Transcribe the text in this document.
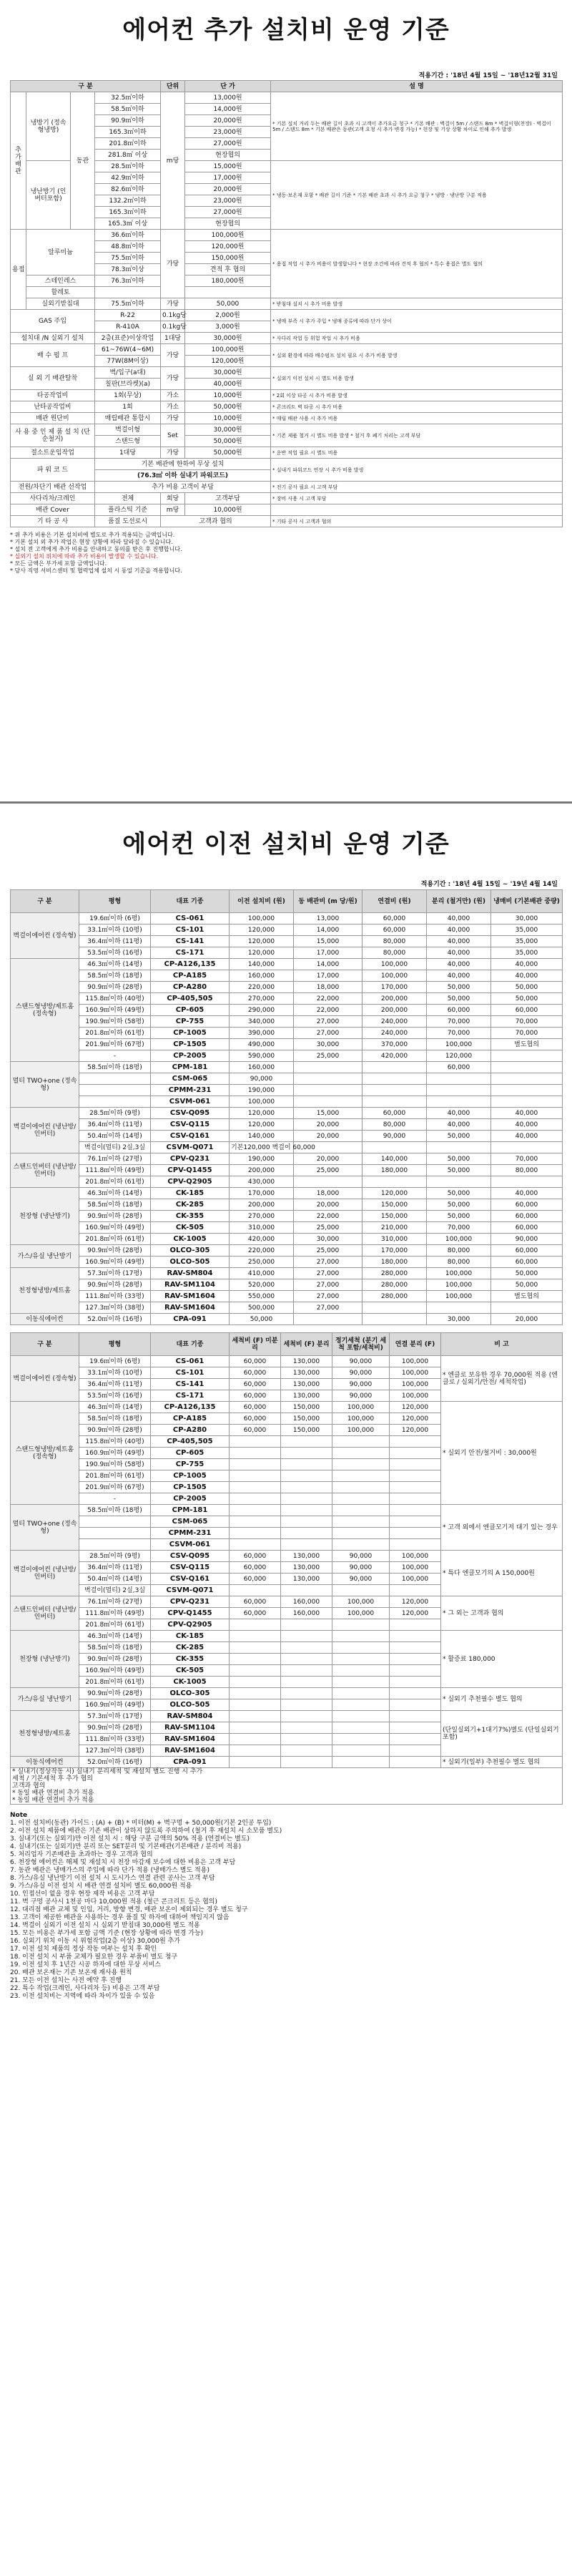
에어컨 추가 설치비 운영 기준
적용기간 : '18년 4월 15일 ~ '18년12월 31일
구 분				단위	단 가	설 명
추가배관	냉방기 (정속형냉방)	동관	32.5㎡이하	m당	13,000원	* 기본 설치 거리 두는 배관 길이 초과 시 고객이 추가요금 청구 * 기본 배관 : 벽걸이 5m / 스탠드 8m * 벽걸이형(천장) · 벽걸이 5m / 스탠드 8m * 기본 배관은 동관(고객 요청 시 추가 변경 가능) * 현장 및 기상 상황 차이로 인해 추가 발생
			58.5㎡이하		14,000원	
			90.9㎡이하		20,000원	
			165.3㎡이하		23,000원	
			201.8㎡이하		27,000원	
			281.8㎡ 이상		현장협의	
	냉난방기 (인버터포함)		28.5㎡이하		15,000원	* 냉동·보온재 포함 * 배관 길이 기준 * 기본 배관 초과 시 추가 요금 청구 * 냉방 · 냉난방 구분 적용
			42.9㎡이하		17,000원	
			82.6㎡이하		20,000원	
			132.2㎡이하		23,000원	
			165.3㎡이하		27,000원	
			165.3㎡ 이상		현장협의	
용접	알루미늄		36.6㎡이하	가당	100,000원	* 용접 작업 시 추가 비용이 발생합니다 * 현장 조건에 따라 견적 후 협의 * 특수 용접은 별도 협의
			48.8㎡이하		120,000원	
			75.5㎡이하		150,000원	
			78.3㎡이상		견적 후 협의	
	스테인레스		76.3㎡이하		180,000원	
	할레토					
	실외기받침대		75.5㎡이하	가당	50,000	* 받침대 설치 시 추가 비용 발생
GAS 주입			R-22	0.1kg당	2,000원	* 냉매 부족 시 추가 주입 * 냉매 종류에 따라 단가 상이
			R-410A	0.1kg당	3,000원	
설치대 /N 실외기 설치			2층(표준)이상작업	1대당	30,000원	* 사다리 작업 등 위험 작업 시 추가 비용
배 수 펌 프			61~76W(4~6M)	가당	100,000원	* 실외 환경에 따라 배수펌프 설치 필요 시 추가 비용 발생
			77W(8M이상)		120,000원	
실 외 기 배관탈착			벽/입구(a대)	가당	30,000원	* 실외기 이전 설치 시 별도 비용 발생
			칠판(브라켓)(a)		40,000원	
타공작업비			1회(무상)	가소	10,000원	* 2회 이상 타공 시 추가 비용 발생
난타공작업비			1회	가소	50,000원	* 콘크리트 벽 타공 시 추가 비용
배관 원단비			매립배관 통합시	가당	10,000원	* 매립 배관 사용 시 추가 비용
사 용 중 인 제 품 설 치 (단순철거)			벽걸이형	Set	30,000원	* 기존 제품 철거 시 별도 비용 발생 * 철거 후 폐기 처리는 고객 부담
			스탠드형		50,000원	
절소트운임작업			1대당	가당	50,000원	* 운반 작업 필요 시 별도 비용
파 워 코 드			기본 배관에 한하여 무상 설치			* 실내기 파워코드 연장 시 추가 비용 발생
			(76.3㎡ 이하 실내기 파워코드)			
전원/차단기 배관 선작업			추가 비용 고객이 부담			* 전기 공사 필요 시 고객 부담
사다리차/크레인			전체	회당	고객부담	* 장비 사용 시 고객 부담
배관 Cover			플라스틱 기준	m당	10,000원	
기 타 공 사			품질 도선로시	고객과 협의		* 기타 공사 시 고객과 협의
* 위 추가 비용은 기본 설치비에 별도로 추가 적용되는 금액입니다.
* 기본 설치 외 추가 작업은 현장 상황에 따라 달라질 수 있습니다.
* 설치 전 고객에게 추가 비용을 안내하고 동의를 받은 후 진행합니다.
* 실외기 설치 위치에 따라 추가 비용이 발생할 수 있습니다.
* 모든 금액은 부가세 포함 금액입니다.
* 당사 직영 서비스센터 및 협력업체 설치 시 동일 기준을 적용합니다.
에어컨 이전 설치비 운영 기준
적용기간 : '18년 4월 15일 ~ '19년 4월 14일
구 분	평형	대표 기종	이전 설치비 (원)	동 배관비 (m 당/원)	연결비 (원)	분리 (철거만) (원)	냉매비 (기본배관 중량)
벽걸이에어컨 (정속형)	19.6㎡이하 (6평)	CS-061	100,000	13,000	60,000	40,000	30,000
	33.1㎡이하 (10평)	CS-101	120,000	14,000	60,000	40,000	35,000
	36.4㎡이하 (11평)	CS-141	120,000	15,000	80,000	40,000	35,000
	53.5㎡이하 (16평)	CS-171	120,000	17,000	80,000	40,000	35,000
스탠드형냉방/제트홈 (정속형)	46.3㎡이하 (14평)	CP-A126,135	140,000	14,000	100,000	40,000	40,000
	58.5㎡이하 (18평)	CP-A185	160,000	17,000	100,000	40,000	40,000
	90.9㎡이하 (28평)	CP-A280	220,000	18,000	170,000	50,000	50,000
	115.8㎡이하 (40평)	CP-405,505	270,000	22,000	200,000	50,000	50,000
	160.9㎡이하 (49평)	CP-605	290,000	22,000	200,000	60,000	60,000
	190.9㎡이하 (58평)	CP-755	340,000	27,000	240,000	70,000	70,000
	201.8㎡이하 (61평)	CP-1005	390,000	27,000	240,000	70,000	70,000
	201.9㎡이하 (67평)	CP-1505	490,000	30,000	370,000	100,000	별도협의
	-	CP-2005	590,000	25,000	420,000	120,000	
멀티 TWO+one (정속형)	58.5㎡이하 (18평)	CPM-181	160,000			60,000	
		CSM-065	90,000				
		CPMM-231	190,000				
		CSVM-061	100,000				
벽걸이에어컨 (냉난방/인버터)	28.5㎡이하 (9평)	CSV-Q095	120,000	15,000	60,000	40,000	40,000
	36.4㎡이하 (11평)	CSV-Q115	120,000	20,000	80,000	40,000	40,000
	50.4㎡이하 (14평)	CSV-Q161	140,000	20,000	90,000	50,000	40,000
	벽걸이(멀티) 2실,3실	CSVM-Q071	기본120,000 벽걸이 60,000				
스탠드인버터 (냉난방/인버터)	76.1㎡이하 (27평)	CPV-Q231	190,000	20,000	140,000	50,000	70,000
	111.8㎡이하 (49평)	CPV-Q1455	200,000	25,000	180,000	50,000	80,000
	201.8㎡이하 (61평)	CPV-Q2905	430,000				
천장형 (냉난방기)	46.3㎡이하 (14평)	CK-185	170,000	18,000	120,000	50,000	40,000
	58.5㎡이하 (18평)	CK-285	200,000	20,000	150,000	50,000	60,000
	90.9㎡이하 (28평)	CK-355	270,000	22,000	150,000	50,000	60,000
	160.9㎡이하 (49평)	CK-505	310,000	25,000	210,000	70,000	60,000
	201.8㎡이하 (61평)	CK-1005	420,000	30,000	310,000	100,000	90,000
가스/유실 냉난방기	90.9㎡이하 (28평)	OLCO-305	220,000	25,000	170,000	80,000	60,000
	160.9㎡이하 (49평)	OLCO-505	250,000	27,000	180,000	80,000	60,000
천정형냉방/제트홈	57.3㎡이하 (17평)	RAV-SM804	410,000	27,000	280,000	100,000	50,000
	90.9㎡이하 (28평)	RAV-SM1104	520,000	27,000	280,000	100,000	50,000
	111.8㎡이하 (33평)	RAV-SM1604	550,000	27,000	280,000	100,000	별도협의
	127.3㎡이하 (38평)	RAV-SM1604	500,000	27,000			
이동식에어컨	52.0㎡이하 (16평)	CPA-091	50,000			30,000	20,000
구 분	평형	대표 기종	세척비 (F) 미분리	세척비 (F) 분리	정기세척 (분기 세척 포함/세척비)	연결 분리 (F)	비 고
벽걸이에어컨 (정속형)	19.6㎡이하 (6평)	CS-061	60,000	130,000	90,000	100,000	* 엔클로 보유한 경우 70,000원 적용 (엔클로 / 실외기/안전/ 세척작업)
	33.1㎡이하 (10평)	CS-101	60,000	130,000	90,000	100,000	
	36.4㎡이하 (11평)	CS-141	60,000	130,000	90,000	100,000	
	53.5㎡이하 (16평)	CS-171	60,000	130,000	90,000	100,000	
스탠드형냉방/제트홈 (정속형)	46.3㎡이하 (14평)	CP-A126,135	60,000	150,000	100,000	120,000	* 실외기 안전/철거비 : 30,000원
	58.5㎡이하 (18평)	CP-A185	60,000	150,000	100,000	120,000	
	90.9㎡이하 (28평)	CP-A280	60,000	150,000	100,000	120,000	
	115.8㎡이하 (40평)	CP-405,505					
	160.9㎡이하 (49평)	CP-605					
	190.9㎡이하 (58평)	CP-755					
	201.8㎡이하 (61평)	CP-1005					
	201.9㎡이하 (67평)	CP-1505					
	-	CP-2005					
멀티 TWO+one (정속형)	58.5㎡이하 (18평)	CPM-181					* 고객 외에서 엔클모기저 대기 있는 경우
		CSM-065					
		CPMM-231					
		CSVM-061					
벽걸이에어컨 (냉난방/인버터)	28.5㎡이하 (9평)	CSV-Q095	60,000	130,000	90,000	100,000	* 특다 엔클모기의 A 150,000원
	36.4㎡이하 (11평)	CSV-Q115	60,000	130,000	90,000	100,000	
	50.4㎡이하 (14평)	CSV-Q161	60,000	130,000	90,000	100,000	
	벽걸이(멀티) 2실,3실	CSVM-Q071					
스탠드인버터 (냉난방/인버터)	76.1㎡이하 (27평)	CPV-Q231	60,000	160,000	100,000	120,000	* 그 외는 고객과 협의
	111.8㎡이하 (49평)	CPV-Q1455	60,000	160,000	100,000	120,000	
	201.8㎡이하 (61평)	CPV-Q2905					
천장형 (냉난방기)	46.3㎡이하 (14평)	CK-185					* 할증료 180,000
	58.5㎡이하 (18평)	CK-285					
	90.9㎡이하 (28평)	CK-355					
	160.9㎡이하 (49평)	CK-505					
	201.8㎡이하 (61평)	CK-1005					
가스/유실 냉난방기	90.9㎡이하 (28평)	OLCO-305					* 실외기 추천필수 별도 협의
	160.9㎡이하 (49평)	OLCO-505					
천정형냉방/제트홈	57.3㎡이하 (17평)	RAV-SM804					(단일실외기+1대기7%)별도 (단일실외기 포함)
	90.9㎡이하 (28평)	RAV-SM1104					
	111.8㎡이하 (33평)	RAV-SM1604					
	127.3㎡이하 (38평)	RAV-SM1604					
이동식에어컨	52.0㎡이하 (16평)	CPA-091					* 실외기(일부) 추천필수 별도 협의

* 실내기(정상작동 시) 실내기 분리세척 및 재설치 별도 진행 시 추가
세척 / 기본세척 후 추가 협의
고객과 협의
* 동일 배관 연결비 추가 적용
* 동일 배관 연결비 추가 적용							
Note
1. 이전 설치비(동관) 가이드 : (A) + (B) * 미터(M) + 벽구멍 + 50,000원(기본 2인공 투입)
2. 이전 설치 제품에 배관은 기존 배관이 상하지 않도록 주의하여 (철거 후 재설치 시 소모품 별도)
3. 실내기(또는 실외기)만 이전 설치 시 : 해당 구분 금액의 50% 적용 (연결비는 별도)
4. 실내기(또는 실외기)만 분리 또는 SET분리 및 기본배관(기본배관 / 분리비 적용)
5. 처리업자 기존배관을 초과하는 경우 고객과 협의
6. 천장형 에어컨은 해체 및 재설치 시 천장 마감재 보수에 대한 비용은 고객 부담
7. 동관 배관은 냉매가스의 주입에 따라 단가 적용 (냉매가스 별도 적용)
8. 가스/유실 냉난방기 이전 설치 시 도시가스 연결 관련 공사는 고객 부담
9. 가스/유실 이전 설치 시 배관 연결 설치비 별도 60,000원 적용
10. 인접선이 없을 경우 현장 제작 비용은 고객 부담
11. 벽 구멍 공사시 1천공 마다 10,000원 적용 (철근 콘크리트 등은 협의)
12. 대리점 배관 교체 및 인입, 거리, 방향 변경, 배관 보온이 제외되는 경우 별도 청구
13. 고객이 제공한 배관을 사용하는 경우 품질 및 하자에 대하여 책임지지 않음
14. 벽걸이 실외기 이전 설치 시 실외기 받침대 30,000원 별도 적용
15. 모든 비용은 부가세 포함 금액 기준 (현장 상황에 따라 변경 가능)
16. 실외기 위치 이동 시 위험작업(2층 이상) 30,000원 추가
17. 이전 설치 제품의 정상 작동 여부는 설치 후 확인
18. 이전 설치 시 부품 교체가 필요한 경우 부품비 별도 청구
19. 이전 설치 후 1년간 시공 하자에 대한 무상 서비스
20. 배관 보온재는 기존 보온재 재사용 원칙
21. 모든 이전 설치는 사전 예약 후 진행
22. 특수 작업(크레인, 사다리차 등) 비용은 고객 부담
23. 이전 설치비는 지역에 따라 차이가 있을 수 있음
